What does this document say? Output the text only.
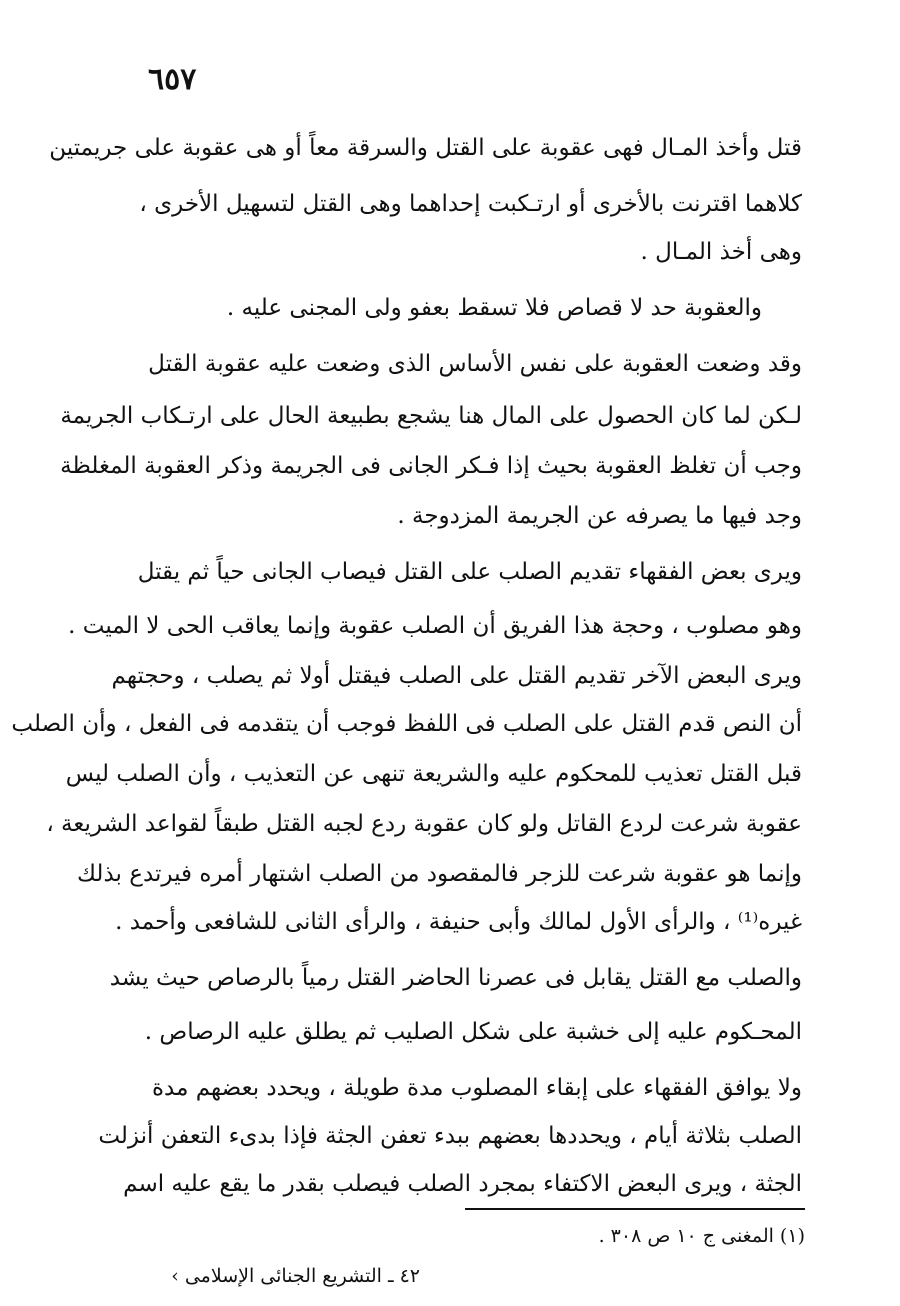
٦٥٧
قتل وأخذ المـال فهى عقوبة على القتل والسرقة معاً أو هى عقوبة على جريمتين
كلاهما اقترنت بالأخرى أو ارتـكبت إحداهما وهى القتل لتسهيل الأخرى ،
وهى أخذ المـال .
والعقوبة حد لا قصاص فلا تسقط بعفو ولى المجنى عليه .
وقد وضعت العقوبة على نفس الأساس الذى وضعت عليه عقوبة القتل
لـكن لما كان الحصول على المال هنا يشجع بطبيعة الحال على ارتـكاب الجريمة
وجب أن تغلظ العقوبة بحيث إذا فـكر الجانى فى الجريمة وذكر العقوبة المغلظة
وجد فيها ما يصرفه عن الجريمة المزدوجة .
ويرى بعض الفقهاء تقديم الصلب على القتل فيصاب الجانى حياً ثم يقتل
وهو مصلوب ، وحجة هذا الفريق أن الصلب عقوبة وإنما يعاقب الحى لا الميت .
ويرى البعض الآخر تقديم القتل على الصلب فيقتل أولا ثم يصلب ، وحجتهم
أن النص قدم القتل على الصلب فى اللفظ فوجب أن يتقدمه فى الفعل ، وأن الصلب
قبل القتل تعذيب للمحكوم عليه والشريعة تنهى عن التعذيب ، وأن الصلب ليس
عقوبة شرعت لردع القاتل ولو كان عقوبة ردع لجبه القتل طبقاً لقواعد الشريعة ،
وإنما هو عقوبة شرعت للزجر فالمقصود من الصلب اشتهار أمره فيرتدع بذلك
غيره⁽¹⁾ ، والرأى الأول لمالك وأبى حنيفة ، والرأى الثانى للشافعى وأحمد .
والصلب مع القتل يقابل فى عصرنا الحاضر القتل رمياً بالرصاص حيث يشد
المحـكوم عليه إلى خشبة على شكل الصليب ثم يطلق عليه الرصاص .
ولا يوافق الفقهاء على إبقاء المصلوب مدة طويلة ، ويحدد بعضهم مدة
الصلب بثلاثة أيام ، ويحددها بعضهم ببدء تعفن الجثة فإذا بدىء التعفن أنزلت
الجثة ، ويرى البعض الاكتفاء بمجرد الصلب فيصلب بقدر ما يقع عليه اسم
(١) المغنى ج ١٠ ص ٣٠٨ .
٤٢ ـ التشريع الجنائى الإسلامى ›
